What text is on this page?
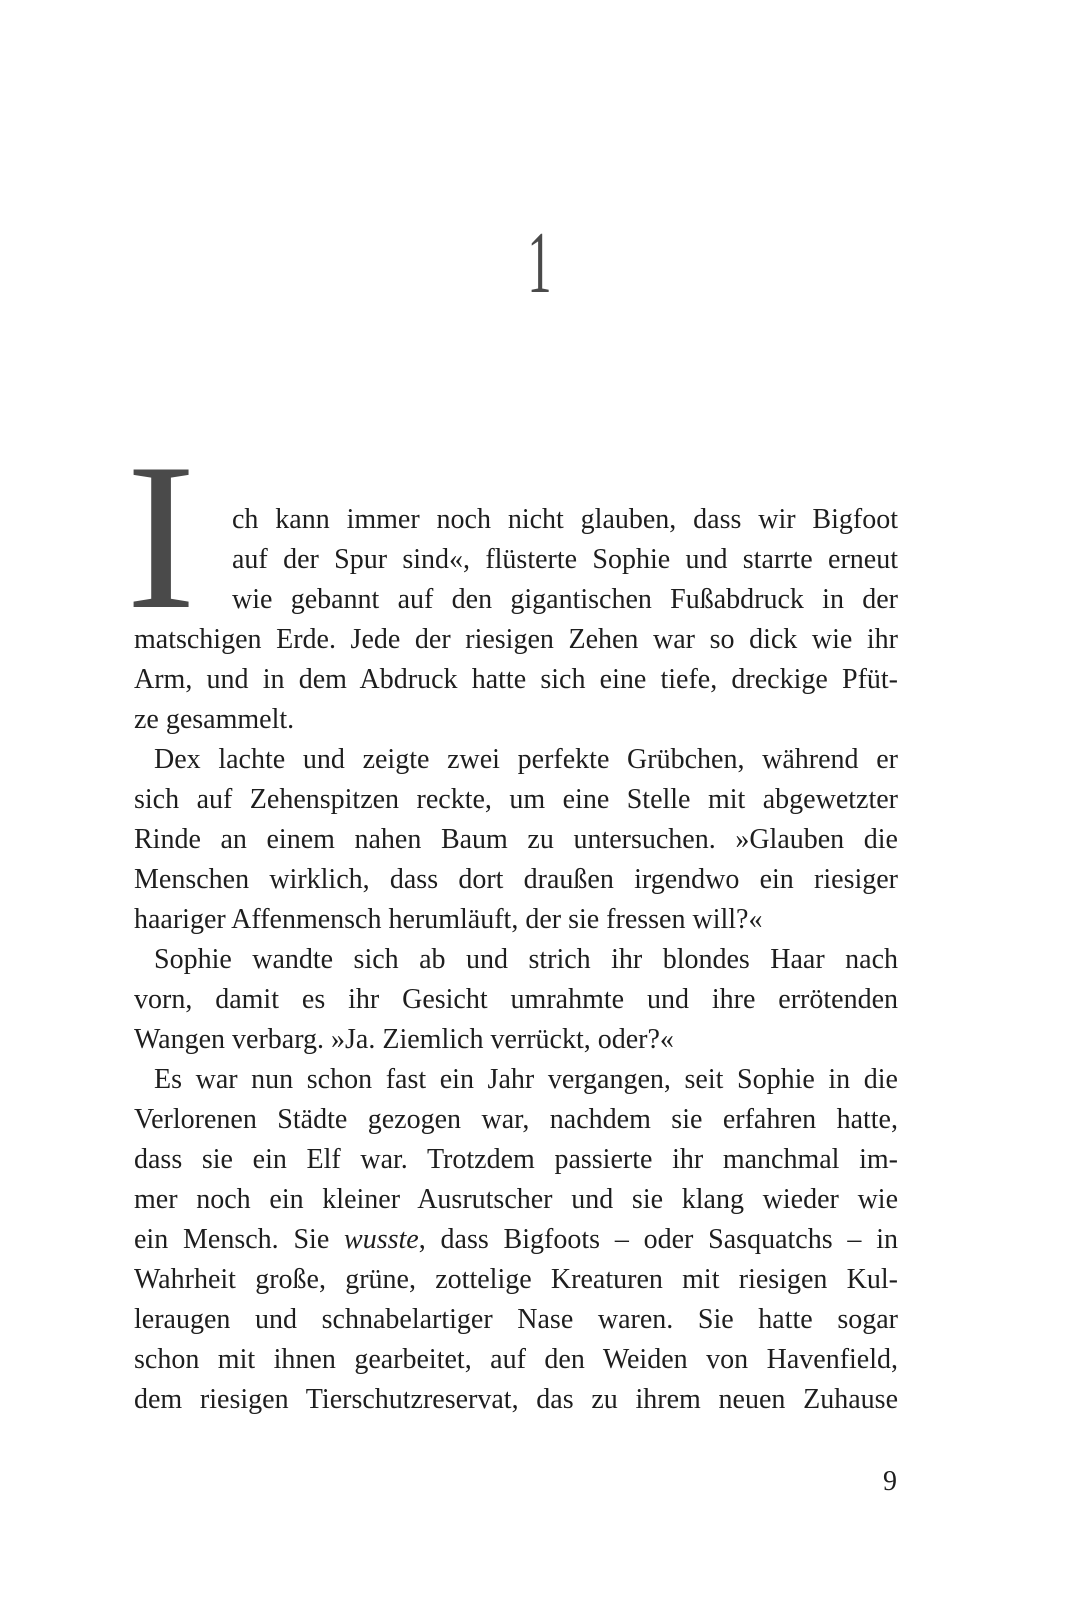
1
I ch kann immer noch nicht glauben, dass wir Bigfoot
auf der Spur sind«, flüsterte Sophie und starrte erneut
wie gebannt auf den gigantischen Fußabdruck in der
matschigen Erde. Jede der riesigen Zehen war so dick wie ihr
Arm, und in dem Abdruck hatte sich eine tiefe, dreckige Pfüt-
ze gesammelt.
Dex lachte und zeigte zwei perfekte Grübchen, während er
sich auf Zehenspitzen reckte, um eine Stelle mit abgewetzter
Rinde an einem nahen Baum zu untersuchen. »Glauben die
Menschen wirklich, dass dort draußen irgendwo ein riesiger
haariger Affenmensch herumläuft, der sie fressen will?«
Sophie wandte sich ab und strich ihr blondes Haar nach
vorn, damit es ihr Gesicht umrahmte und ihre errötenden
Wangen verbarg. »Ja. Ziemlich verrückt, oder?«
Es war nun schon fast ein Jahr vergangen, seit Sophie in die
Verlorenen Städte gezogen war, nachdem sie erfahren hatte,
dass sie ein Elf war. Trotzdem passierte ihr manchmal im-
mer noch ein kleiner Ausrutscher und sie klang wieder wie
ein Mensch. Sie wusste, dass Bigfoots – oder Sasquatchs – in
Wahrheit große, grüne, zottelige Kreaturen mit riesigen Kul-
leraugen und schnabelartiger Nase waren. Sie hatte sogar
schon mit ihnen gearbeitet, auf den Weiden von Havenfield,
dem riesigen Tierschutzreservat, das zu ihrem neuen Zuhause
9
